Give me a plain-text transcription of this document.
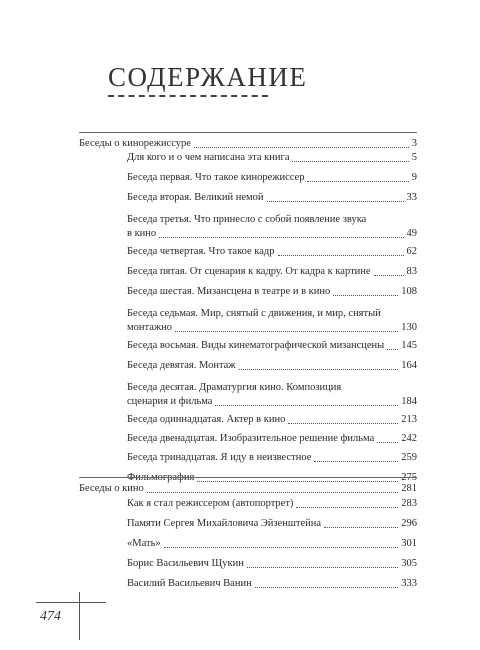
СОДЕРЖАНИЕ
Беседы о кинорежиссуре	3
Для кого и о чем написана эта книга	5
Беседа первая. Что такое кинорежиссер	9
Беседа вторая. Великий немой	33
Беседа третья. Что принесло с собой появление звука
в кино	49
Беседа четвертая. Что такое кадр	62
Беседа пятая. От сценария к кадру. От кадра к картине	83
Беседа шестая. Мизансцена в театре и в кино	108
Беседа седьмая. Мир, снятый с движения, и мир, снятый
монтажно	130
Беседа восьмая. Виды кинематографической мизансцены 145
Беседа девятая. Монтаж	164
Беседа десятая. Драматургия кино. Композиция
сценария и фильма	184
Беседа одиннадцатая. Актер в кино	213
Беседа двенадцатая. Изобразительное решение фильма	242
Беседа тринадцатая. Я иду в неизвестное	259
Фильмография	275
Беседы о кино	281
Как я стал режиссером (автопортрет)	283
Памяти Сергея Михайловича Эйзенштейна	296
«Мать»	301
Борис Васильевич Щукин	305
Василий Васильевич Ванин	333
474
